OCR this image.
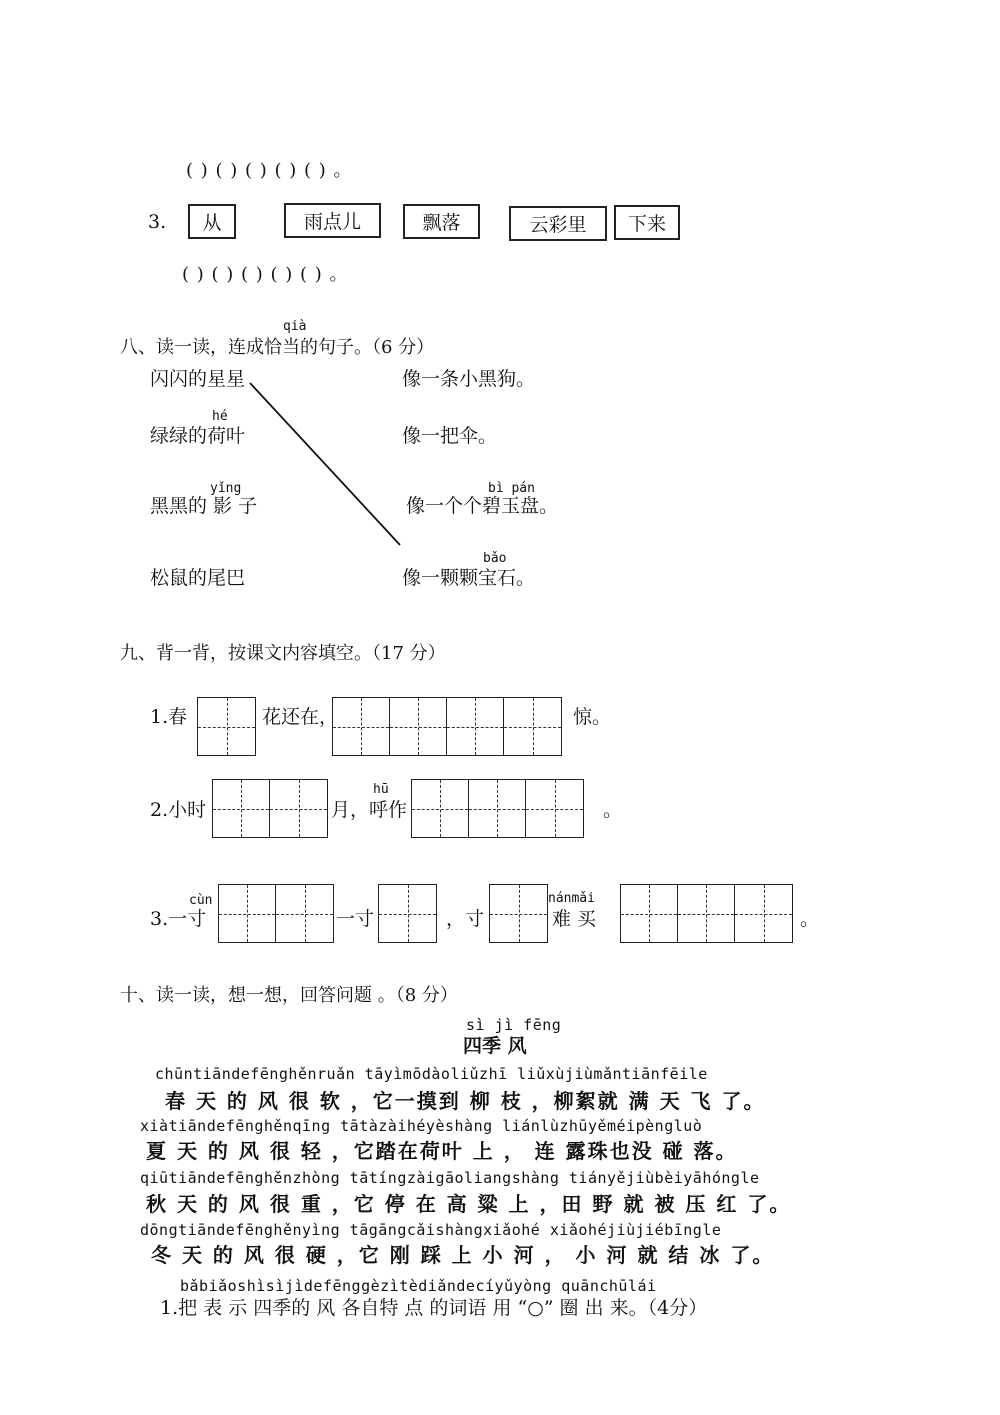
( ) ( ) ( ) ( ) ( ) 。
3.	从	雨点儿	飘落	云彩里	下来
( ) ( ) ( ) ( ) ( ) 。
qià
八、读一读，连成恰当的句子。（6 分）
闪闪的星星
hé
绿绿的荷叶
yǐng
黑黑的 影 子
松鼠的尾巴
像一条小黑狗。
像一把伞。
bì pán
像一个个碧玉盘。
bǎo
像一颗颗宝石。
九、背一背，按课文内容填空。（17 分）
1.春	花还在，	惊。
2.小时
hū
月，呼作	。
cùn
3.一寸	一寸	，寸
nánmǎi
难 买	。
十、读一读，想一想，回答问题 。（8 分）
sì jì fēng
四季 风
chūntiāndefēnghěnruǎn tāyìmōdàoliǔzhī liǔxùjiùmǎntiānfēile
春 天 的 风 很 软 ，它一摸到 柳 枝 ，柳絮就 满 天 飞 了。
xiàtiāndefēnghěnqīng tātàzàihéyèshàng liánlùzhūyěméipèngluò
夏 天 的 风 很 轻 ，它踏在荷叶 上 ， 连 露珠也没 碰 落。
qiūtiāndefēnghěnzhòng tātíngzàigāoliangshàng tiányějiùbèiyāhóngle
秋 天 的 风 很 重 ，它 停 在 高 粱 上 ，田 野 就 被 压 红 了。
dōngtiāndefēnghěnyìng tāgāngcǎishàngxiǎohé xiǎohéjiùjiébīngle
冬 天 的 风 很 硬 ，它 刚 踩 上 小 河 ， 小 河 就 结 冰 了。
bǎbiǎoshìsìjìdefēnggèzìtèdiǎndecíyǔyòng quānchūlái
1.把 表 示 四季的 风 各自特 点 的词语 用 “○” 圈 出 来。（4分）
